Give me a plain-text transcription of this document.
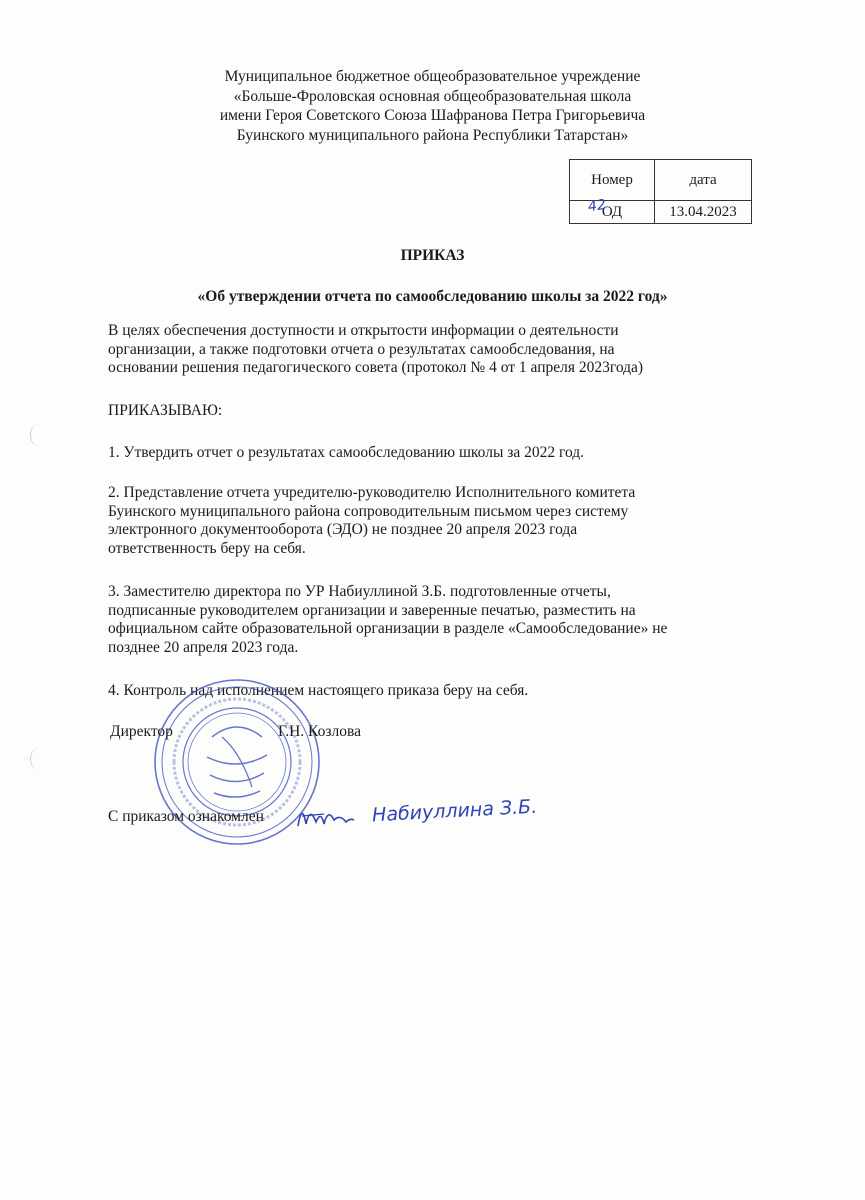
Муниципальное бюджетное общеобразовательное учреждение
«Больше-Фроловская основная общеобразовательная школа
имени Героя Советского Союза Шафранова Петра Григорьевича
Буинского муниципального района Республики Татарстан»
Номер	дата

42
ОД	13.04.2023
ПРИКАЗ
«Об утверждении отчета по самообследованию школы за 2022 год»
В целях обеспечения доступности и открытости информации о деятельности
организации, а также подготовки отчета о результатах самообследования, на
основании решения педагогического совета (протокол № 4 от 1 апреля 2023года)
ПРИКАЗЫВАЮ:
1. Утвердить отчет о результатах самообследованию школы за 2022 год.
2. Представление отчета учредителю-руководителю Исполнительного комитета
Буинского муниципального района сопроводительным письмом через систему
электронного документооборота (ЭДО) не позднее 20 апреля 2023 года
ответственность беру на себя.
3. Заместителю директора по УР Набиуллиной З.Б. подготовленные отчеты,
подписанные руководителем организации и заверенные печатью, разместить на
официальном сайте образовательной организации в разделе «Самообследование» не
позднее 20 апреля 2023 года.
4. Контроль над исполнением настоящего приказа беру на себя.
Директор	Г.Н. Козлова
С приказом ознакомлен	Набиуллина З.Б.
